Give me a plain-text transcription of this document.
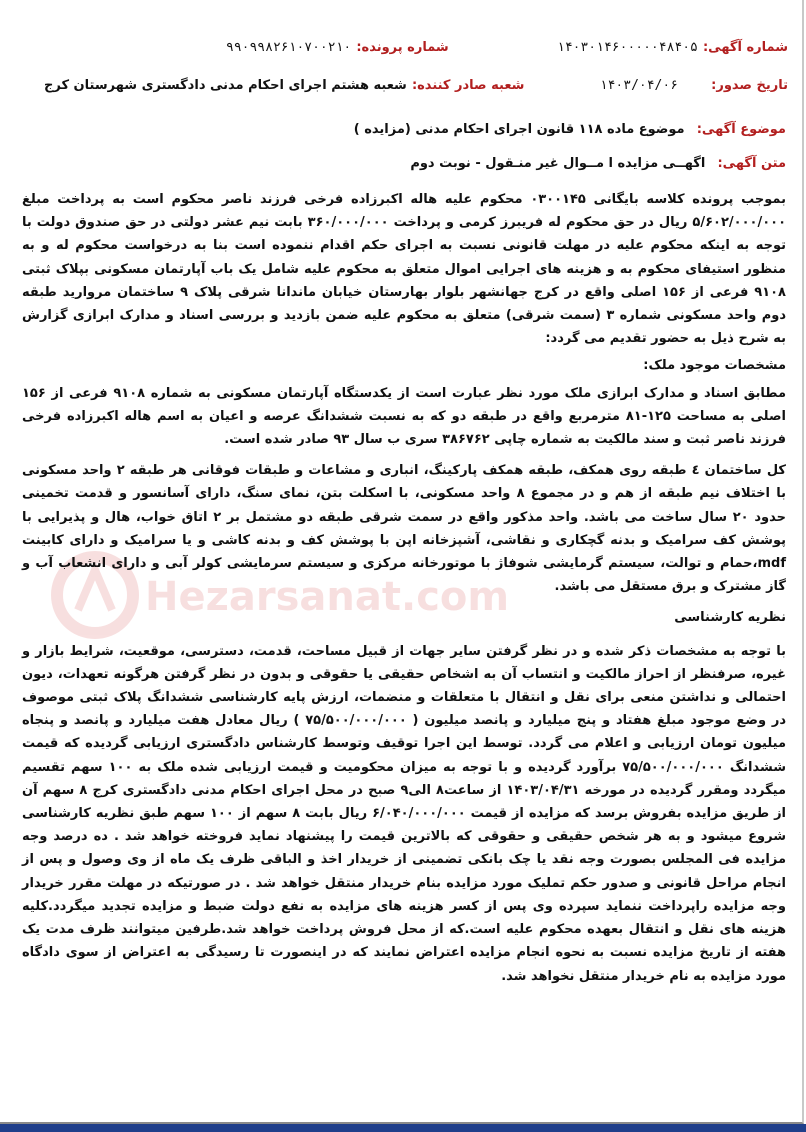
شماره آگهی: ۱۴۰۳۰۱۴۶۰۰۰۰۰۴۸۴۰۵
شماره پرونده: ۹۹۰۹۹۸۲۶۱۰۷۰۰۲۱۰
تاریخ صدور: ۱۴۰۳/۰۴/۰۶
شعبه صادر کننده: شعبه هشتم اجرای احکام مدنی دادگستری شهرستان کرج
موضوع آگهی: موضوع ماده ۱۱۸ قانون اجرای احکام مدنی (مزایده )
متن آگهی: اگهــی مزایده ا مــوال غیر منـقول - نوبت دوم
Hezarsanat.com

بموجب پرونده کلاسه بایگانی ۰۳۰۰۱۴۵ محکوم علیه هاله اکبرزاده فرخی فرزند ناصر محکوم است به پرداخت مبلغ ۵/۶۰۲/۰۰۰/۰۰۰ ریال در حق محکوم له فریبرز کرمی و پرداخت ۳۶۰/۰۰۰/۰۰۰ بابت نیم عشر دولتی در حق صندوق دولت با توجه به اینکه محکوم علیه در مهلت قانونی نسبت به اجرای حکم اقدام ننموده است بنا به درخواست محکوم له و به منظور استیفای محکوم به و هزینه های اجرایی اموال متعلق به محکوم علیه شامل یک باب آپارتمان مسکونی بپلاک ثبتی ۹۱۰۸ فرعی از ۱۵۶ اصلی واقع در کرج جهانشهر بلوار بهارستان خیابان ماندانا شرقی پلاک ۹ ساختمان مروارید طبقه دوم واحد مسکونی شماره ۳ (سمت شرقی) متعلق به محکوم علیه ضمن بازدید و بررسی اسناد و مدارک ابرازی گزارش به شرح ذیل به حضور تقدیم می گردد:

مشخصات موجود ملک:

مطابق اسناد و مدارک ابرازی ملک مورد نظر عبارت است از یکدستگاه آپارتمان مسکونی به شماره ۹۱۰۸ فرعی از ۱۵۶ اصلی به مساحت ۱۲۵-۸۱ مترمربع واقع در طبقه دو که به نسبت ششدانگ عرصه و اعیان به اسم هاله اکبرزاده فرخی فرزند ناصر ثبت و سند مالکیت به شماره چاپی ۳۸۶۷۶۲ سری ب سال ۹۳ صادر شده است.

کل ساختمان ٤ طبقه روی همکف، طبقه همکف پارکینگ، انباری و مشاعات و طبقات فوقانی هر طبقه ۲ واحد مسکونی با اختلاف نیم طبقه از هم و در مجموع ۸ واحد مسکونی، با اسکلت بتن، نمای سنگ، دارای آسانسور و قدمت تخمینی حدود ۲۰ سال ساخت می باشد. واحد مذکور واقع در سمت شرقی طبقه دو مشتمل بر ۲ اتاق خواب، هال و پذیرایی با پوشش کف سرامیک و بدنه گچکاری و نقاشی، آشپزخانه اپن با پوشش کف و بدنه کاشی و یا سرامیک و دارای کابینت mdf،حمام و توالت، سیستم گرمایشی شوفاژ با موتورخانه مرکزی و سیستم سرمایشی کولر آبی و دارای انشعاب آب و گاز مشترک و برق مستقل می باشد.

نظریه کارشناسی

با توجه به مشخصات ذکر شده و در نظر گرفتن سایر جهات از قبیل مساحت، قدمت، دسترسی، موقعیت، شرایط بازار و غیره، صرفنظر از احراز مالکیت و انتساب آن به اشخاص حقیقی یا حقوقی و بدون در نظر گرفتن هرگونه تعهدات، دیون احتمالی و نداشتن منعی برای نقل و انتقال با متعلقات و منضمات، ارزش پایه کارشناسی ششدانگ پلاک ثبتی موصوف در وضع موجود مبلغ هفتاد و پنج میلیارد و پانصد میلیون ( ۷۵/۵۰۰/۰۰۰/۰۰۰ ) ریال معادل هفت میلیارد و پانصد و پنجاه میلیون تومان ارزیابی و اعلام می گردد. توسط این اجرا توقیف وتوسط کارشناس دادگستری ارزیابی گردیده که قیمت ششدانگ ۷۵/۵۰۰/۰۰۰/۰۰۰ برآورد گردیده و با توجه به میزان محکومیت و قیمت ارزیابی شده ملک به ۱۰۰ سهم تقسیم میگردد ومقرر گردیده در مورخه ۱۴۰۳/۰۴/۳۱ از ساعت۸ الی۹ صبح در محل اجرای احکام مدنی دادگستری کرج ۸ سهم آن از طریق مزایده بفروش برسد که مزایده از قیمت ۶/۰۴۰/۰۰۰/۰۰۰ ریال بابت ۸ سهم از ۱۰۰ سهم طبق نظریه کارشناسی شروع میشود و به هر شخص حقیقی و حقوقی که بالاترین قیمت را پیشنهاد نماید فروخته خواهد شد . ده درصد وجه مزایده فی المجلس بصورت وجه نقد یا چک بانکی تضمینی از خریدار اخذ و الباقی ظرف یک ماه از وی وصول و پس از انجام مراحل قانونی و صدور حکم تملیک مورد مزایده بنام خریدار منتقل خواهد شد . در صورتیکه در مهلت مقرر خریدار وجه مزایده راپرداخت ننماید سپرده وی پس از کسر هزینه های مزایده به نفع دولت ضبط و مزایده تجدید میگردد.کلیه هزینه های نقل و انتقال بعهده محکوم علیه است.که از محل فروش پرداخت خواهد شد.طرفین میتوانند ظرف مدت یک هفته از تاریخ مزایده نسبت به نحوه انجام مزایده اعتراض نمایند که در اینصورت تا رسیدگی به اعتراض از سوی دادگاه مورد مزایده به نام خریدار منتقل نخواهد شد.
